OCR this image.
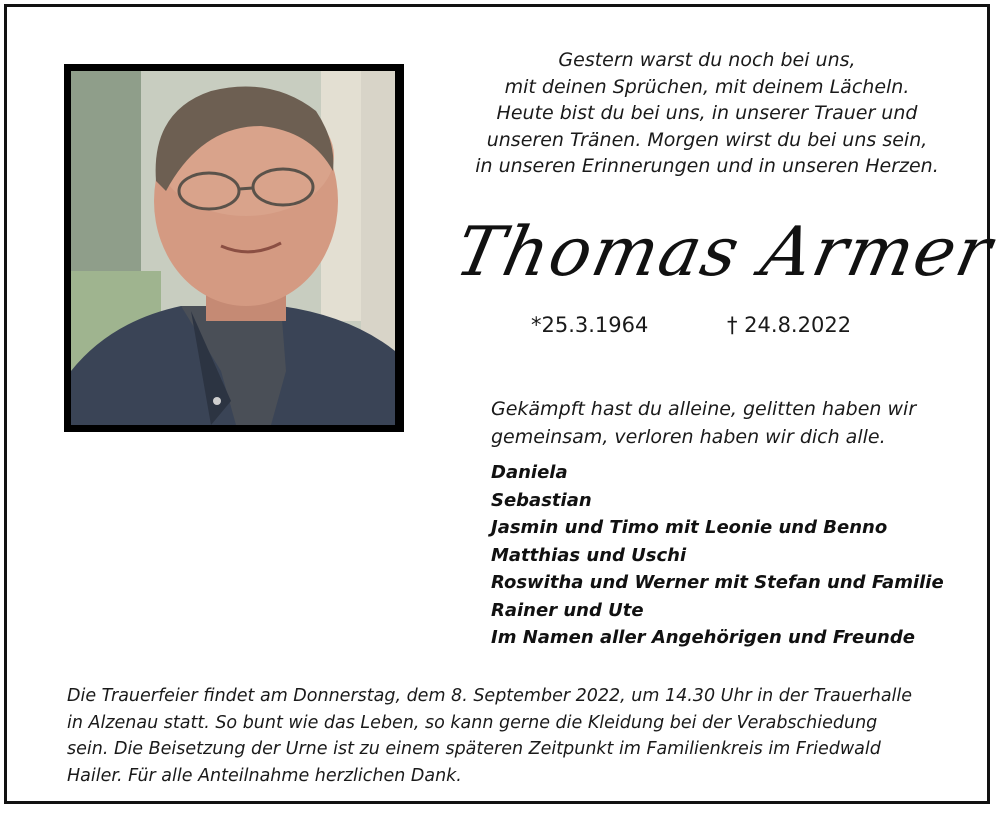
Gestern warst du noch bei uns,
mit deinen Sprüchen, mit deinem Lächeln.
Heute bist du bei uns, in unserer Trauer und
unseren Tränen. Morgen wirst du bei uns sein,
in unseren Erinnerungen und in unseren Herzen.
Thomas Armer
*25.3.1964	† 24.8.2022
Gekämpft hast du alleine, gelitten haben wir
gemeinsam, verloren haben wir dich alle.
Daniela
Sebastian
Jasmin und Timo mit Leonie und Benno
Matthias und Uschi
Roswitha und Werner mit Stefan und Familie
Rainer und Ute
Im Namen aller Angehörigen und Freunde
Die Trauerfeier findet am Donnerstag, dem 8. September 2022, um 14.30 Uhr in der Trauerhalle
in Alzenau statt. So bunt wie das Leben, so kann gerne die Kleidung bei der Verabschiedung
sein. Die Beisetzung der Urne ist zu einem späteren Zeitpunkt im Familienkreis im Friedwald
Hailer. Für alle Anteilnahme herzlichen Dank.
